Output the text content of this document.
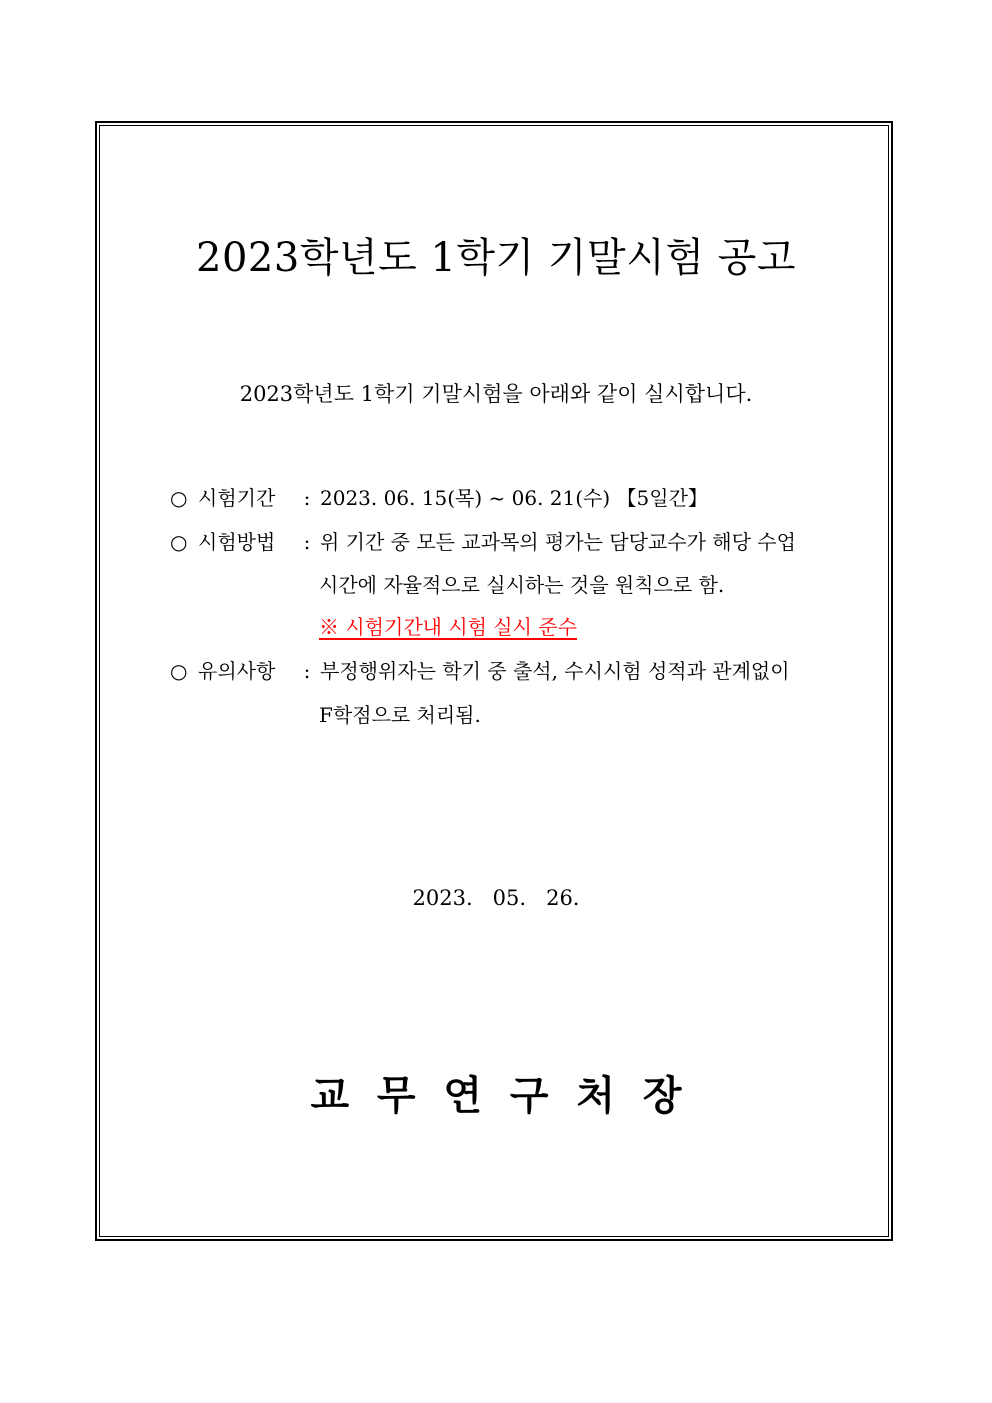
2023학년도 1학기 기말시험 공고
2023학년도 1학기 기말시험을 아래와 같이 실시합니다.
○ 시험기간 : 2023. 06. 15(목) ~ 06. 21(수) 【5일간】
○ 시험방법 : 위 기간 중 모든 교과목의 평가는 담당교수가 해당 수업
시간에 자율적으로 실시하는 것을 원칙으로 함.
※ 시험기간내 시험 실시 준수
○ 유의사항 : 부정행위자는 학기 중 출석, 수시시험 성적과 관계없이
F학점으로 처리됨.
2023.   05.   26.
교  무  연  구  처  장
